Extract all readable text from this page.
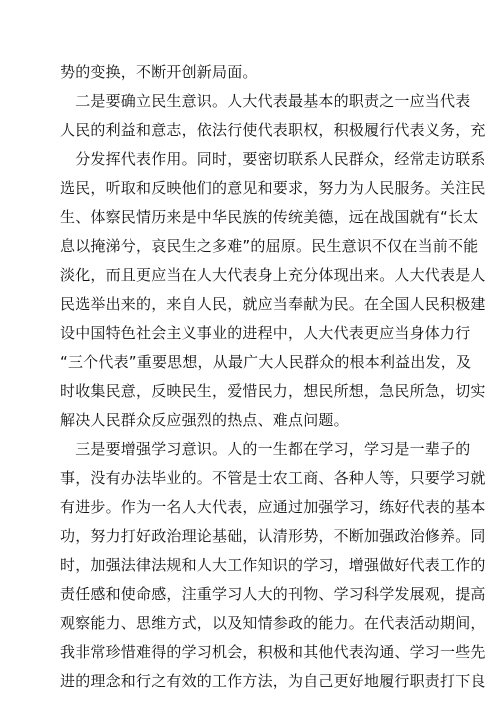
势的变换，不断开创新局面。
　二是要确立民生意识。人大代表最基本的职责之一应当代表
人民的利益和意志，依法行使代表职权，积极履行代表义务，充
　分发挥代表作用。同时，要密切联系人民群众，经常走访联系
选民，听取和反映他们的意见和要求，努力为人民服务。关注民
生、体察民情历来是中华民族的传统美德，远在战国就有“长太
息以掩涕兮，哀民生之多难”的屈原。民生意识不仅在当前不能
淡化，而且更应当在人大代表身上充分体现出来。人大代表是人
民选举出来的，来自人民，就应当奉献为民。在全国人民积极建
设中国特色社会主义事业的进程中，人大代表更应当身体力行
“三个代表”重要思想，从最广大人民群众的根本利益出发，及
时收集民意，反映民生，爱惜民力，想民所想，急民所急，切实
解决人民群众反应强烈的热点、难点问题。
　三是要增强学习意识。人的一生都在学习，学习是一辈子的
事，没有办法毕业的。不管是士农工商、各种人等，只要学习就
有进步。作为一名人大代表，应通过加强学习，练好代表的基本
功，努力打好政治理论基础，认清形势，不断加强政治修养。同
时，加强法律法规和人大工作知识的学习，增强做好代表工作的
责任感和使命感，注重学习人大的刊物、学习科学发展观，提高
观察能力、思维方式，以及知情参政的能力。在代表活动期间，
我非常珍惜难得的学习机会，积极和其他代表沟通、学习一些先
进的理念和行之有效的工作方法，为自己更好地履行职责打下良
